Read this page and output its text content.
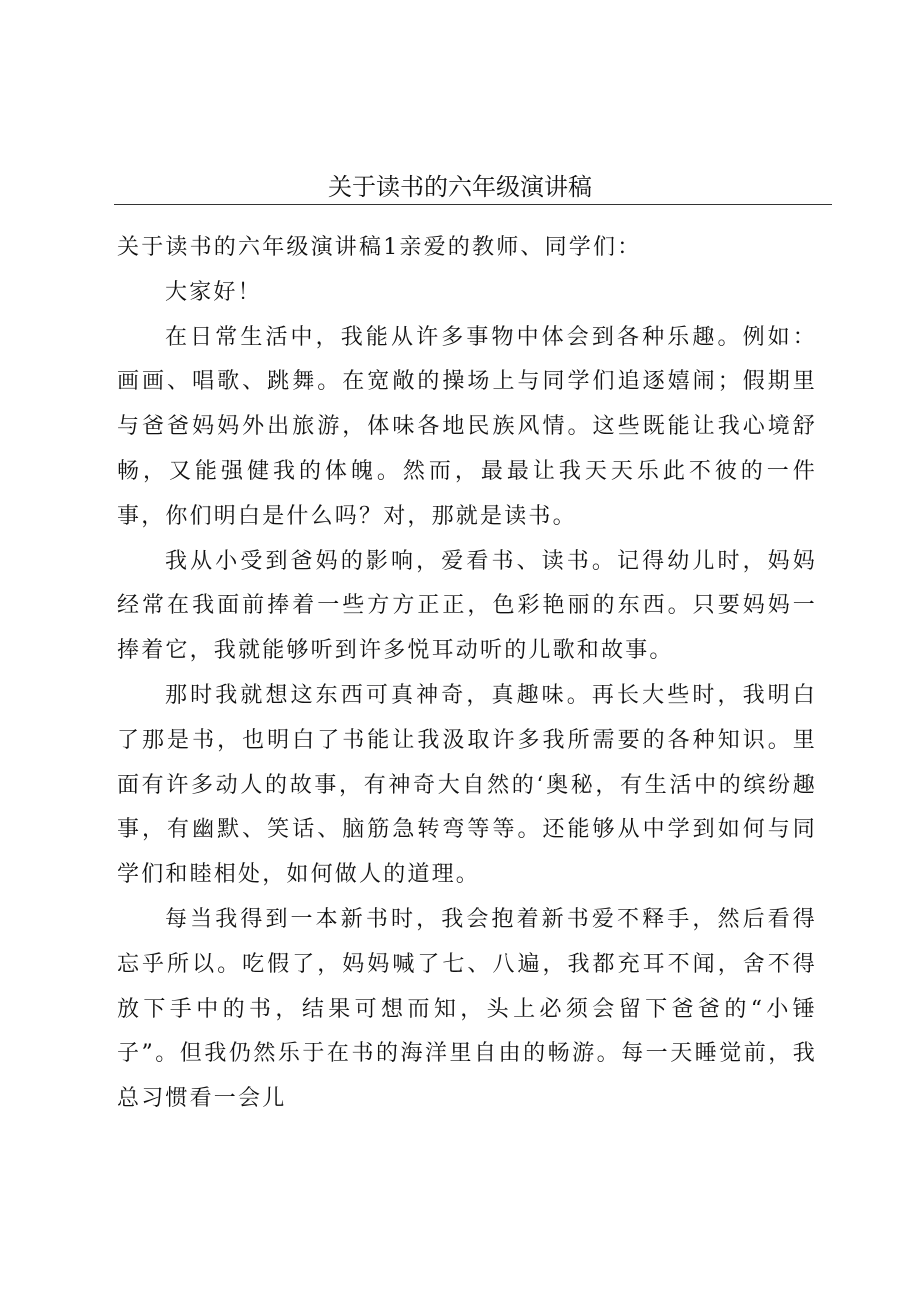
关于读书的六年级演讲稿

关于读书的六年级演讲稿1亲爱的教师、同学们：

大家好！

在日常生活中，我能从许多事物中体会到各种乐趣。例如：画画、唱歌、跳舞。在宽敞的操场上与同学们追逐嬉闹；假期里与爸爸妈妈外出旅游，体味各地民族风情。这些既能让我心境舒畅，又能强健我的体魄。然而，最最让我天天乐此不彼的一件事，你们明白是什么吗？对，那就是读书。

我从小受到爸妈的影响，爱看书、读书。记得幼儿时，妈妈经常在我面前捧着一些方方正正，色彩艳丽的东西。只要妈妈一捧着它，我就能够听到许多悦耳动听的儿歌和故事。

那时我就想这东西可真神奇，真趣味。再长大些时，我明白了那是书，也明白了书能让我汲取许多我所需要的各种知识。里面有许多动人的故事，有神奇大自然的‘奥秘，有生活中的缤纷趣事，有幽默、笑话、脑筋急转弯等等。还能够从中学到如何与同学们和睦相处，如何做人的道理。

每当我得到一本新书时，我会抱着新书爱不释手，然后看得忘乎所以。吃假了，妈妈喊了七、八遍，我都充耳不闻，舍不得放下手中的书，结果可想而知，头上必须会留下爸爸的“小锤子”。但我仍然乐于在书的海洋里自由的畅游。每一天睡觉前，我总习惯看一会儿
